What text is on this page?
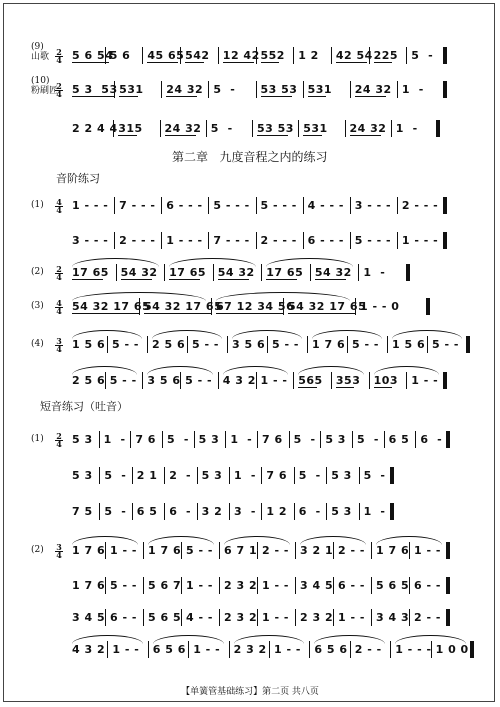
第二章   九度音程之内的练习
音阶练习
短音练习（吐音）
(9)
山歌 2
4 5 6 54
5 6 45 65 542 12 42 552 1 2 42 54 225 5  -
(10)
粉刷匠
2
4 5 3  53 531 24 32 5  - 53 53 531 24 32 1  -
2 2 4 4 315 24 32 5  - 53 53 531 24 32 1  -
(1) 4
4 1 - - - 7 - - - 6 - - - 5 - - - 5 - - - 4 - - - 3 - - - 2 - - -
3 - - - 2 - - - 1 - - - 7 - - - 2 - - - 6 - - - 5 - - - 1 - - -
(2) 2
4 17 65 54 32 17 65 54 32 17 65 54 32 1  -
(3) 4
4 54 32 17 65
54 32 17 65
67 12 34 56
54 32 17 65
1 - - 0
(4) 3
4 1 5 6 5 - - 2 5 6 5 - - 3 5 6 5 - - 1 7 6 5 - - 1 5 6 5 - -
2 5 6 5 - - 3 5 6 5 - - 4 3 2 1 - - 565 353 103 1 - -
(1) 2
4 5 3 1  - 7 6 5  - 5 3 1  - 7 6 5  - 5 3 5  - 6 5 6  -
5 3 5  - 2 1 2  - 5 3 1  - 7 6 5  - 5 3 5  -
7 5 5  - 6 5 6  - 3 2 3  - 1 2 6  - 5 3 1  -
(2) 3
4 1 7 6 1 - - 1 7 6 5 - - 6 7 1 2 - - 3 2 1 2 - - 1 7 6 1 - -
1 7 6 5 - - 5 6 7 1 - - 2 3 2 1 - - 3 4 5 6 - - 5 6 5 6 - -
3 4 5 6 - - 5 6 5 4 - - 2 3 2 1 - - 2 3 2 1 - - 3 4 3 2 - -
4 3 2 1 - - 6 5 6 1 - - 2 3 2 1 - - 6 5 6 2 - - 1 - - - 1 0 0
【单簧管基础练习】第二页 共八页
